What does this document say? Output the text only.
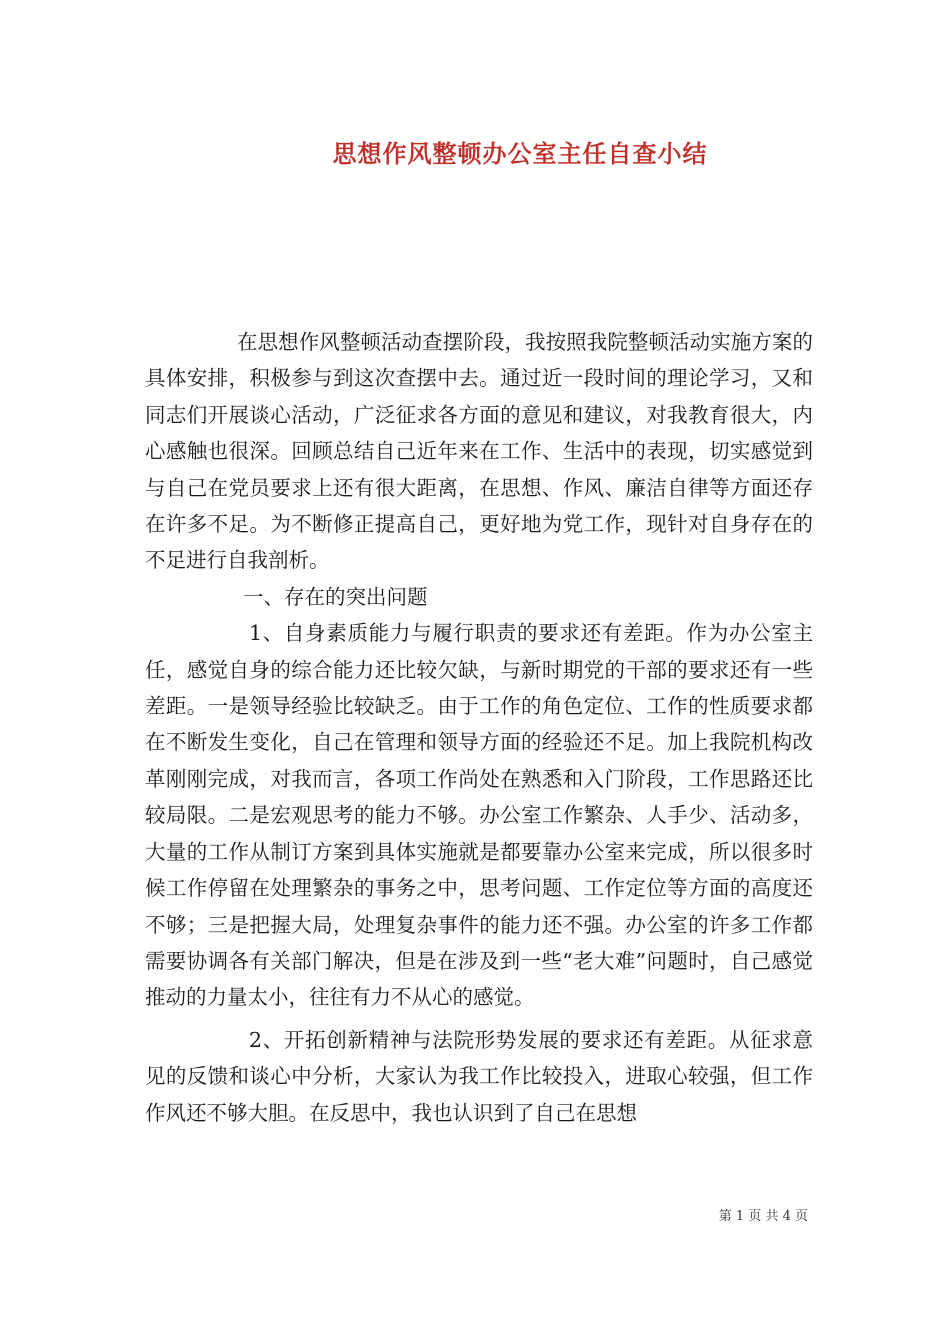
思想作风整顿办公室主任自查小结

在思想作风整顿活动查摆阶段，我按照我院整顿活动实施方案的具体安排，积极参与到这次查摆中去。通过近一段时间的理论学习，又和同志们开展谈心活动，广泛征求各方面的意见和建议，对我教育很大，内心感触也很深。回顾总结自己近年来在工作、生活中的表现，切实感觉到与自己在党员要求上还有很大距离，在思想、作风、廉洁自律等方面还存在许多不足。为不断修正提高自己，更好地为党工作，现针对自身存在的不足进行自我剖析。

一、存在的突出问题

1、自身素质能力与履行职责的要求还有差距。作为办公室主任，感觉自身的综合能力还比较欠缺，与新时期党的干部的要求还有一些差距。一是领导经验比较缺乏。由于工作的角色定位、工作的性质要求都在不断发生变化，自己在管理和领导方面的经验还不足。加上我院机构改革刚刚完成，对我而言，各项工作尚处在熟悉和入门阶段，工作思路还比较局限。二是宏观思考的能力不够。办公室工作繁杂、人手少、活动多，大量的工作从制订方案到具体实施就是都要靠办公室来完成，所以很多时候工作停留在处理繁杂的事务之中，思考问题、工作定位等方面的高度还不够；三是把握大局，处理复杂事件的能力还不强。办公室的许多工作都需要协调各有关部门解决，但是在涉及到一些“老大难”问题时，自己感觉推动的力量太小，往往有力不从心的感觉。

2、开拓创新精神与法院形势发展的要求还有差距。从征求意见的反馈和谈心中分析，大家认为我工作比较投入，进取心较强，但工作作风还不够大胆。在反思中，我也认识到了自己在思想

第 1 页 共 4 页
